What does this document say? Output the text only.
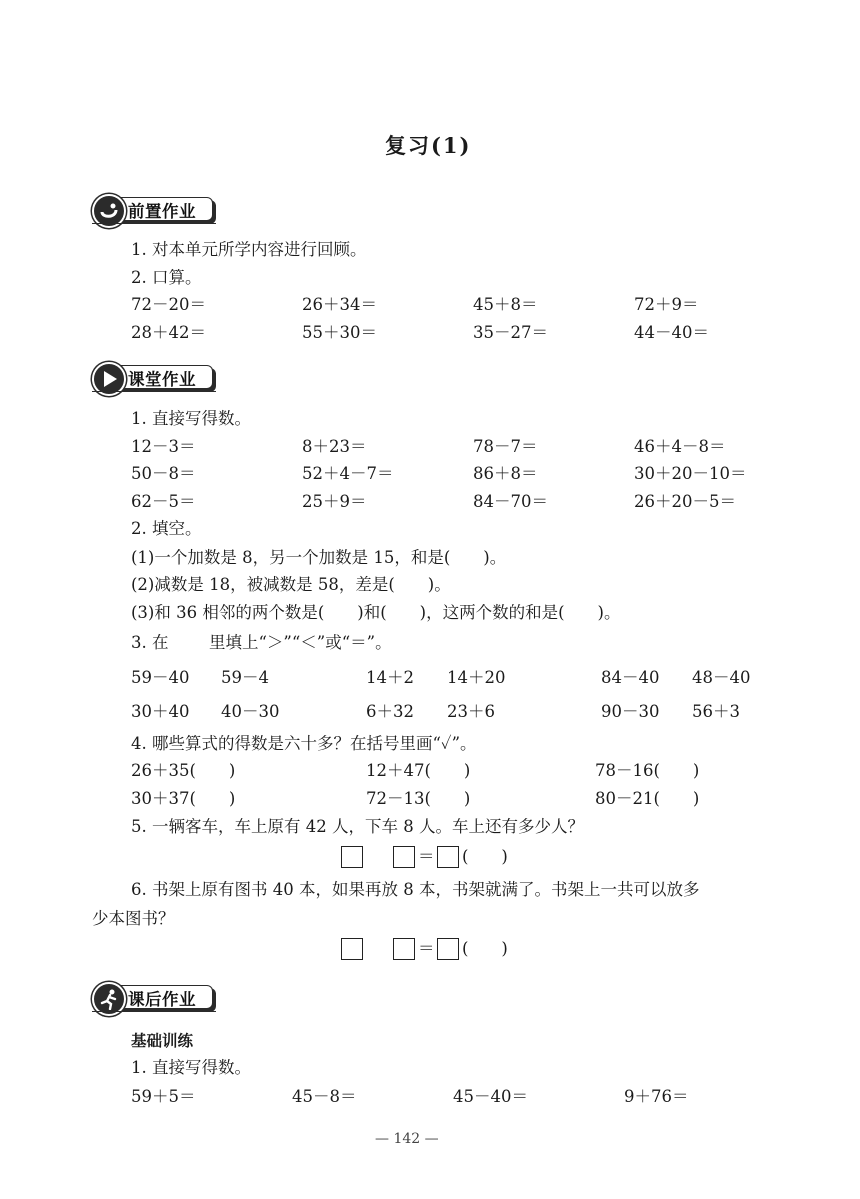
复习(1)
前置作业
1. 对本单元所学内容进行回顾。
2. 口算。
72－20＝	26＋34＝	45＋8＝	72＋9＝
28＋42＝	55＋30＝	35－27＝	44－40＝
课堂作业
1. 直接写得数。
12－3＝	8＋23＝	78－7＝	46＋4－8＝
50－8＝	52＋4－7＝	86＋8＝	30＋20－10＝
62－5＝	25＋9＝	84－70＝	26＋20－5＝
2. 填空。
(1)一个加数是 8，另一个加数是 15，和是(　　)。
(2)减数是 18，被减数是 58，差是(　　)。
(3)和 36 相邻的两个数是(　　)和(　　)，这两个数的和是(　　)。
3. 在 里填上“＞”“＜”或“＝”。
59－40 59－4	14＋2 14＋20	84－40 48－40
30＋40 40－30	6＋32 23＋6	90－30 56＋3
4. 哪些算式的得数是六十多？在括号里画“✓”。
26＋35(　　)	12＋47(　　)	78－16(　　)
30＋37(　　)	72－13(　　)	80－21(　　)
5. 一辆客车，车上原有 42 人，下车 8 人。车上还有多少人？
＝ (　　)
6. 书架上原有图书 40 本，如果再放 8 本，书架就满了。书架上一共可以放多
少本图书？
＝ (　　)
课后作业
基础训练
1. 直接写得数。
59＋5＝	45－8＝	45－40＝	9＋76＝
— 142 —
